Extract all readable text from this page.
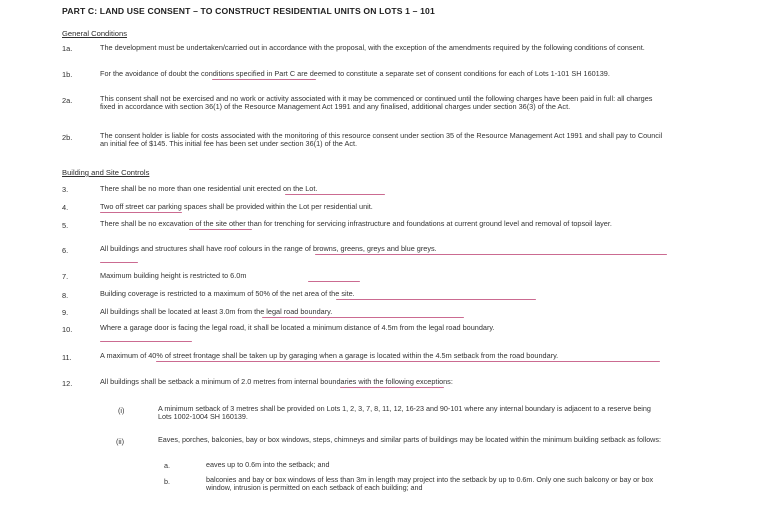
PART C: LAND USE CONSENT – TO CONSTRUCT RESIDENTIAL UNITS ON LOTS 1 – 101
General Conditions
1a.	The development must be undertaken/carried out in accordance with the proposal, with the exception of the amendments required by the following conditions of consent.
1b.	For the avoidance of doubt the conditions specified in Part C are deemed to constitute a separate set of consent conditions for each of Lots 1-101 SH 160139.
2a.	This consent shall not be exercised and no work or activity associated with it may be commenced or continued until the following charges have been paid in full: all charges fixed in accordance with section 36(1) of the Resource Management Act 1991 and any finalised, additional charges under section 36(3) of the Act.
2b.	The consent holder is liable for costs associated with the monitoring of this resource consent under section 35 of the Resource Management Act 1991 and shall pay to Council an initial fee of $145. This initial fee has been set under section 36(1) of the Act.
Building and Site Controls
3.	There shall be no more than one residential unit erected on the Lot.
4.	Two off street car parking spaces shall be provided within the Lot per residential unit.
5.	There shall be no excavation of the site other than for trenching for servicing infrastructure and foundations at current ground level and removal of topsoil layer.
6.	All buildings and structures shall have roof colours in the range of browns, greens, greys and blue greys.
7.	Maximum building height is restricted to 6.0m
8.	Building coverage is restricted to a maximum of 50% of the net area of the site.
9.	All buildings shall be located at least 3.0m from the legal road boundary.
10.	Where a garage door is facing the legal road, it shall be located a minimum distance of 4.5m from the legal road boundary.
11.	A maximum of 40% of street frontage shall be taken up by garaging when a garage is located within the 4.5m setback from the road boundary.
12.	All buildings shall be setback a minimum of 2.0 metres from internal boundaries with the following exceptions:
(i)	A minimum setback of 3 metres shall be provided on Lots 1, 2, 3, 7, 8, 11, 12, 16-23 and 90-101 where any internal boundary is adjacent to a reserve being Lots 1002-1004 SH 160139.
(ii)	Eaves, porches, balconies, bay or box windows, steps, chimneys and similar parts of buildings may be located within the minimum building setback as follows:
a.	eaves up to 0.6m into the setback; and
b.	balconies and bay or box windows of less than 3m in length may project into the setback by up to 0.6m. Only one such balcony or bay or box window, intrusion is permitted on each setback of each building; and
